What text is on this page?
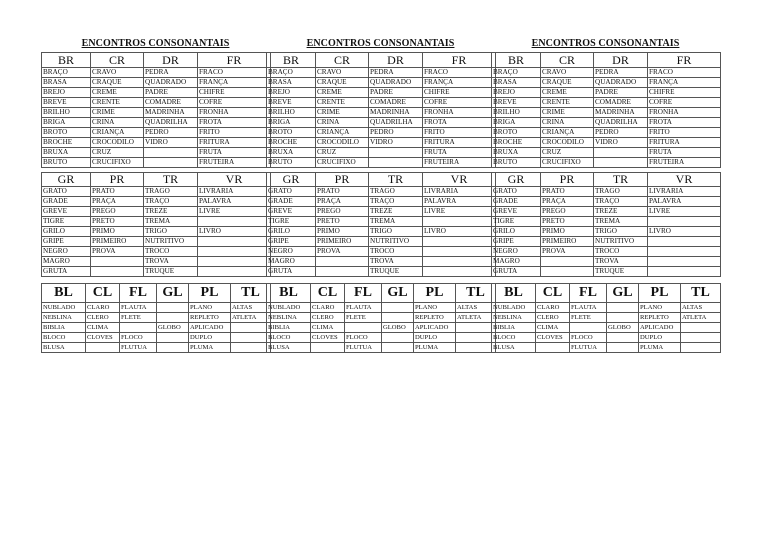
ENCONTROS CONSONANTAIS
BR	CR	DR	FR
BRAÇO	CRAVO	PEDRA	FRACO
BRASA	CRAQUE	QUADRADO	FRANÇA
BREJO	CREME	PADRE	CHIFRE
BREVE	CRENTE	COMADRE	COFRE
BRILHO	CRIME	MADRINHA	FRONHA
BRIGA	CRINA	QUADRILHA	FROTA
BROTO	CRIANÇA	PEDRO	FRITO
BROCHE	CROCODILO	VIDRO	FRITURA
BRUXA	CRUZ		FRUTA
BRUTO	CRUCIFIXO		FRUTEIRA
GR	PR	TR	VR
GRATO	PRATO	TRAGO	LIVRARIA
GRADE	PRAÇA	TRAÇO	PALAVRA
GREVE	PREGO	TREZE	LIVRE
TIGRE	PRETO	TREMA	
GRILO	PRIMO	TRIGO	LIVRO
GRIPE	PRIMEIRO	NUTRITIVO	
NEGRO	PROVA	TROCO	
MAGRO		TROVA	
GRUTA		TRUQUE	
BL	CL	FL	GL	PL	TL
NUBLADO	CLARO	FLAUTA		PLANO	ALTAS
NEBLINA	CLERO	FLETE		REPLETO	ATLETA
BIBLIA	CLIMA		GLOBO	APLICADO	
BLOCO	CLOVES	FLOCO		DUPLO	
BLUSA		FLUTUA		PLUMA	
ENCONTROS CONSONANTAIS
BR	CR	DR	FR
BRAÇO	CRAVO	PEDRA	FRACO
BRASA	CRAQUE	QUADRADO	FRANÇA
BREJO	CREME	PADRE	CHIFRE
BREVE	CRENTE	COMADRE	COFRE
BRILHO	CRIME	MADRINHA	FRONHA
BRIGA	CRINA	QUADRILHA	FROTA
BROTO	CRIANÇA	PEDRO	FRITO
BROCHE	CROCODILO	VIDRO	FRITURA
BRUXA	CRUZ		FRUTA
BRUTO	CRUCIFIXO		FRUTEIRA
GR	PR	TR	VR
GRATO	PRATO	TRAGO	LIVRARIA
GRADE	PRAÇA	TRAÇO	PALAVRA
GREVE	PREGO	TREZE	LIVRE
TIGRE	PRETO	TREMA	
GRILO	PRIMO	TRIGO	LIVRO
GRIPE	PRIMEIRO	NUTRITIVO	
NEGRO	PROVA	TROCO	
MAGRO		TROVA	
GRUTA		TRUQUE	
BL	CL	FL	GL	PL	TL
NUBLADO	CLARO	FLAUTA		PLANO	ALTAS
NEBLINA	CLERO	FLETE		REPLETO	ATLETA
BIBLIA	CLIMA		GLOBO	APLICADO	
BLOCO	CLOVES	FLOCO		DUPLO	
BLUSA		FLUTUA		PLUMA	
ENCONTROS CONSONANTAIS
BR	CR	DR	FR
BRAÇO	CRAVO	PEDRA	FRACO
BRASA	CRAQUE	QUADRADO	FRANÇA
BREJO	CREME	PADRE	CHIFRE
BREVE	CRENTE	COMADRE	COFRE
BRILHO	CRIME	MADRINHA	FRONHA
BRIGA	CRINA	QUADRILHA	FROTA
BROTO	CRIANÇA	PEDRO	FRITO
BROCHE	CROCODILO	VIDRO	FRITURA
BRUXA	CRUZ		FRUTA
BRUTO	CRUCIFIXO		FRUTEIRA
GR	PR	TR	VR
GRATO	PRATO	TRAGO	LIVRARIA
GRADE	PRAÇA	TRAÇO	PALAVRA
GREVE	PREGO	TREZE	LIVRE
TIGRE	PRETO	TREMA	
GRILO	PRIMO	TRIGO	LIVRO
GRIPE	PRIMEIRO	NUTRITIVO	
NEGRO	PROVA	TROCO	
MAGRO		TROVA	
GRUTA		TRUQUE	
BL	CL	FL	GL	PL	TL
NUBLADO	CLARO	FLAUTA		PLANO	ALTAS
NEBLINA	CLERO	FLETE		REPLETO	ATLETA
BIBLIA	CLIMA		GLOBO	APLICADO	
BLOCO	CLOVES	FLOCO		DUPLO	
BLUSA		FLUTUA		PLUMA	
